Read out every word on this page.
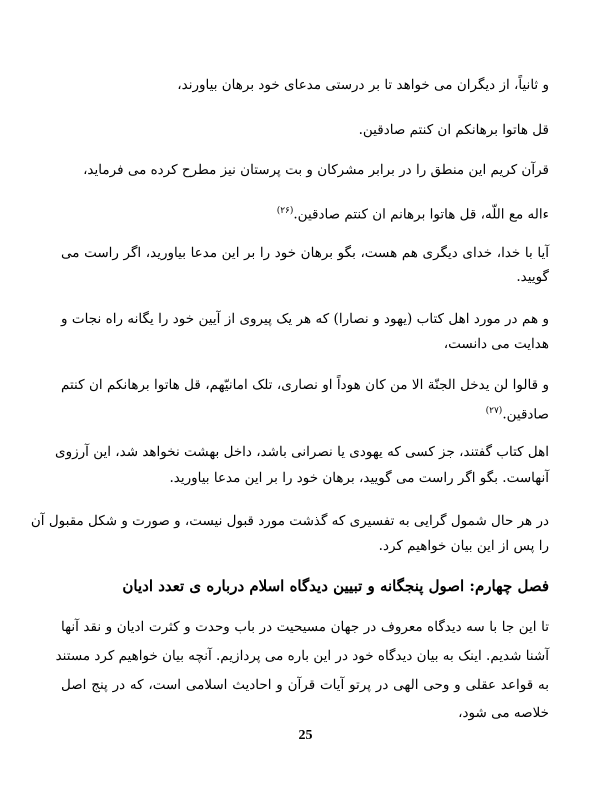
و ثانیاً، از دیگران می خواهد تا بر درستی مدعای خود برهان بیاورند،
قل هاتوا برهانکم ان کنتم صادقین.
قرآن کریم این منطق را در برابر مشرکان و بت پرستان نیز مطرح کرده می فرماید،
ءاله مع اللّه، قل هاتوا برهانم ان کنتم صادقین.$^{(۲۶)}$
آیا با خدا، خدای دیگری هم هست، بگو برهان خود را بر این مدعا بیاورید، اگر راست می
گویید.
و هم در مورد اهل کتاب (یهود و نصارا) که هر یک پیروی از آیین خود را یگانه راه نجات و
هدایت می دانست،
و قالوا لن یدخل الجنّة الا من کان هوداً او نصاری، تلک امانیّهم، قل هاتوا برهانکم ان کنتم
صادقین.$^{(۲۷)}$
اهل کتاب گفتند، جز کسی که یهودی یا نصرانی باشد، داخل بهشت نخواهد شد، این آرزوی
آنهاست. بگو اگر راست می گویید، برهان خود را بر این مدعا بیاورید.
در هر حال شمول گرایی به تفسیری که گذشت مورد قبول نیست، و صورت و شکل مقبول آن
را پس از این بیان خواهیم کرد.
فصل چهارم: اصول پنجگانه و تبیین دیدگاه اسلام درباره ی تعدد ادیان
تا این جا با سه دیدگاه معروف در جهان مسیحیت در باب وحدت و کثرت ادیان و نقد آنها
آشنا شدیم. اینک به بیان دیدگاه خود در این باره می پردازیم. آنچه بیان خواهیم کرد مستند
به قواعد عقلی و وحی الهی در پرتو آیات قرآن و احادیث اسلامی است، که در پنج اصل
خلاصه می شود،
25
